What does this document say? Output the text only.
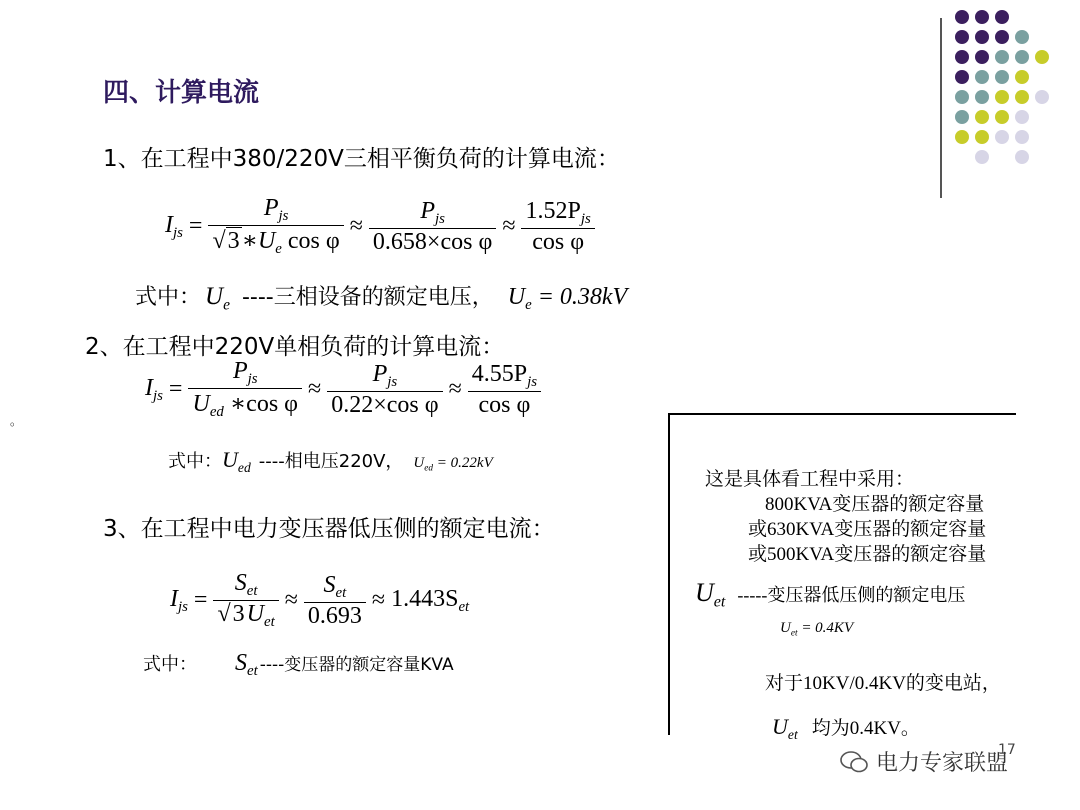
四、计算电流
1、在工程中380/220V三相平衡负荷的计算电流：
$I_{js} = \frac{P_{js}}{√3∗U_e \cos \varphi} \approx \frac{P_{js}}{\text{0.658×cos φ}} \approx \frac{1.52P_{js}}{\text{cos φ}}$
式中： $U_e$ ----三相设备的额定电压， $U_e = 0.38kV$
2、在工程中220V单相负荷的计算电流：
$I_{js} = \frac{P_{js}}{U_{ed} ∗\cos \varphi} \approx \frac{P_{js}}{\text{0.22×cos φ}} \approx \frac{4.55P_{js}}{\text{cos φ}}$
。
式中： $U_{ed}$ ----相电压220V， $U_{ed} = 0.22kV$
3、在工程中电力变压器低压侧的额定电流：
$I_{js} = \frac{S_{et}}{√3U_{et}} \approx \frac{S_{et}}{0.693} \approx 1.443S_{et}$
式中： $S_{et}$ ----变压器的额定容量KVA
这是具体看工程中采用：
800KVA变压器的额定容量
或630KVA变压器的额定容量
或500KVA变压器的额定容量
$U_{et}$ -----变压器低压侧的额定电压
$U_{et} = 0.4KV$
对于10KV/0.4KV的变电站，
$U_{et}$ 均为0.4KV。
17
电力专家联盟
